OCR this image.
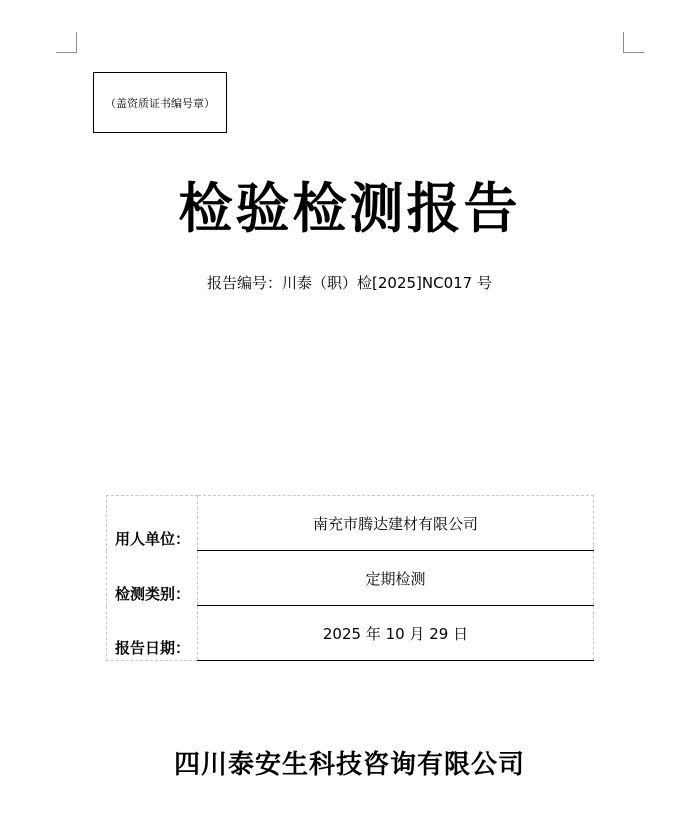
（盖资质证书编号章）
检验检测报告
报告编号：川泰（职）检[2025]NC017 号
用人单位：	南充市腾达建材有限公司
检测类别：	定期检测
报告日期：	2025 年 10 月 29 日
四川泰安生科技咨询有限公司
